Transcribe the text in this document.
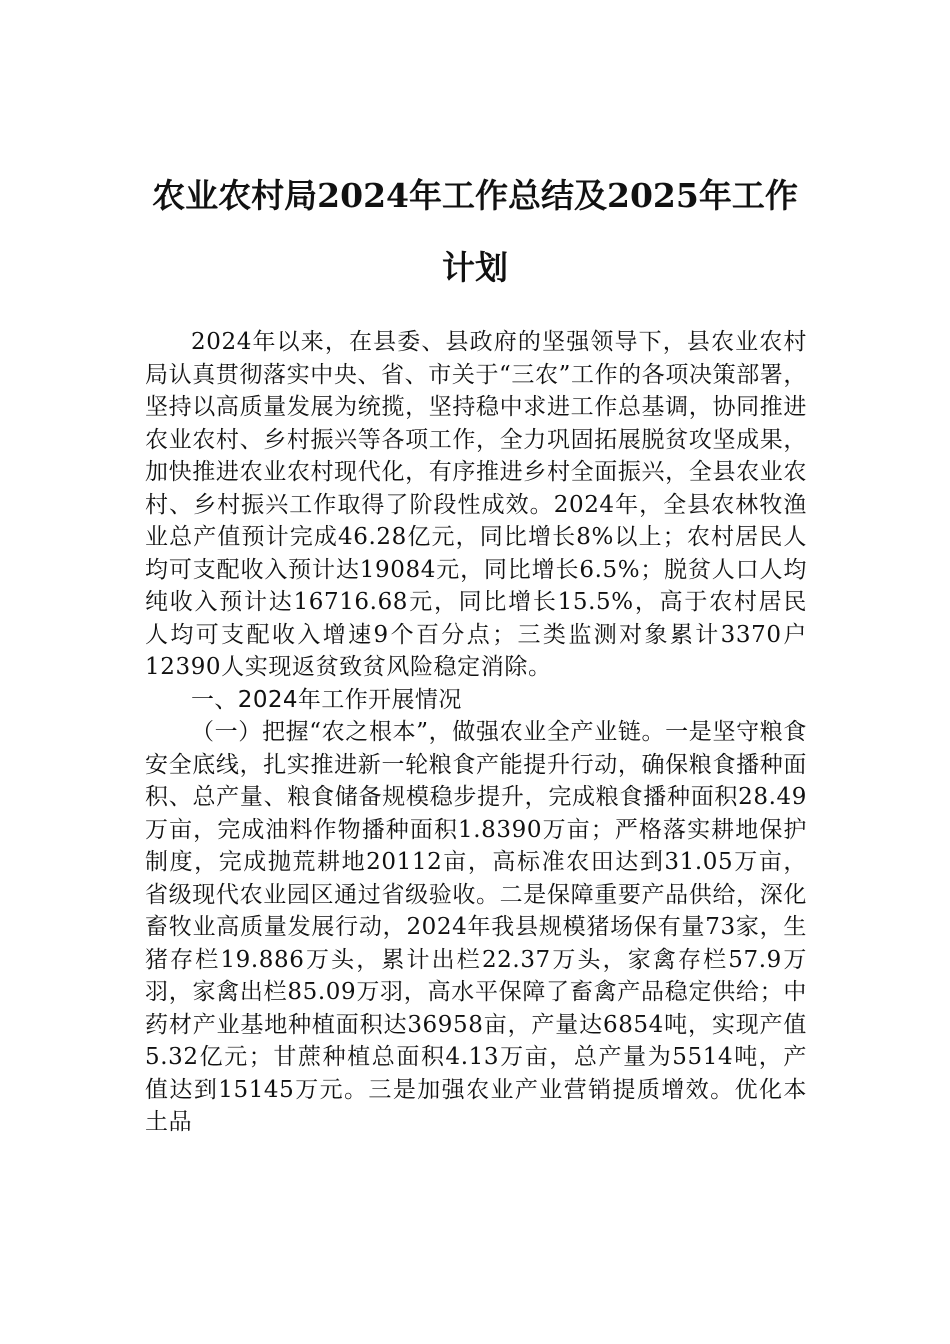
农业农村局2024年工作总结及2025年工作计划

2024年以来，在县委、县政府的坚强领导下，县农业农村局认真贯彻落实中央、省、市关于“三农”工作的各项决策部署，坚持以高质量发展为统揽，坚持稳中求进工作总基调，协同推进农业农村、乡村振兴等各项工作，全力巩固拓展脱贫攻坚成果，加快推进农业农村现代化，有序推进乡村全面振兴，全县农业农村、乡村振兴工作取得了阶段性成效。2024年，全县农林牧渔业总产值预计完成46.28亿元，同比增长8%以上；农村居民人均可支配收入预计达19084元，同比增长6.5%；脱贫人口人均纯收入预计达16716.68元，同比增长15.5%，高于农村居民人均可支配收入增速9个百分点；三类监测对象累计3370户12390人实现返贫致贫风险稳定消除。

一、2024年工作开展情况

（一）把握“农之根本”，做强农业全产业链。一是坚守粮食安全底线，扎实推进新一轮粮食产能提升行动，确保粮食播种面积、总产量、粮食储备规模稳步提升，完成粮食播种面积28.49万亩，完成油料作物播种面积1.8390万亩；严格落实耕地保护制度，完成抛荒耕地20112亩，高标准农田达到31.05万亩，省级现代农业园区通过省级验收。二是保障重要产品供给，深化畜牧业高质量发展行动，2024年我县规模猪场保有量73家，生猪存栏19.886万头，累计出栏22.37万头，家禽存栏57.9万羽，家禽出栏85.09万羽，高水平保障了畜禽产品稳定供给；中药材产业基地种植面积达36958亩，产量达6854吨，实现产值5.32亿元；甘蔗种植总面积4.13万亩，总产量为5514吨，产值达到15145万元。三是加强农业产业营销提质增效。优化本土品
